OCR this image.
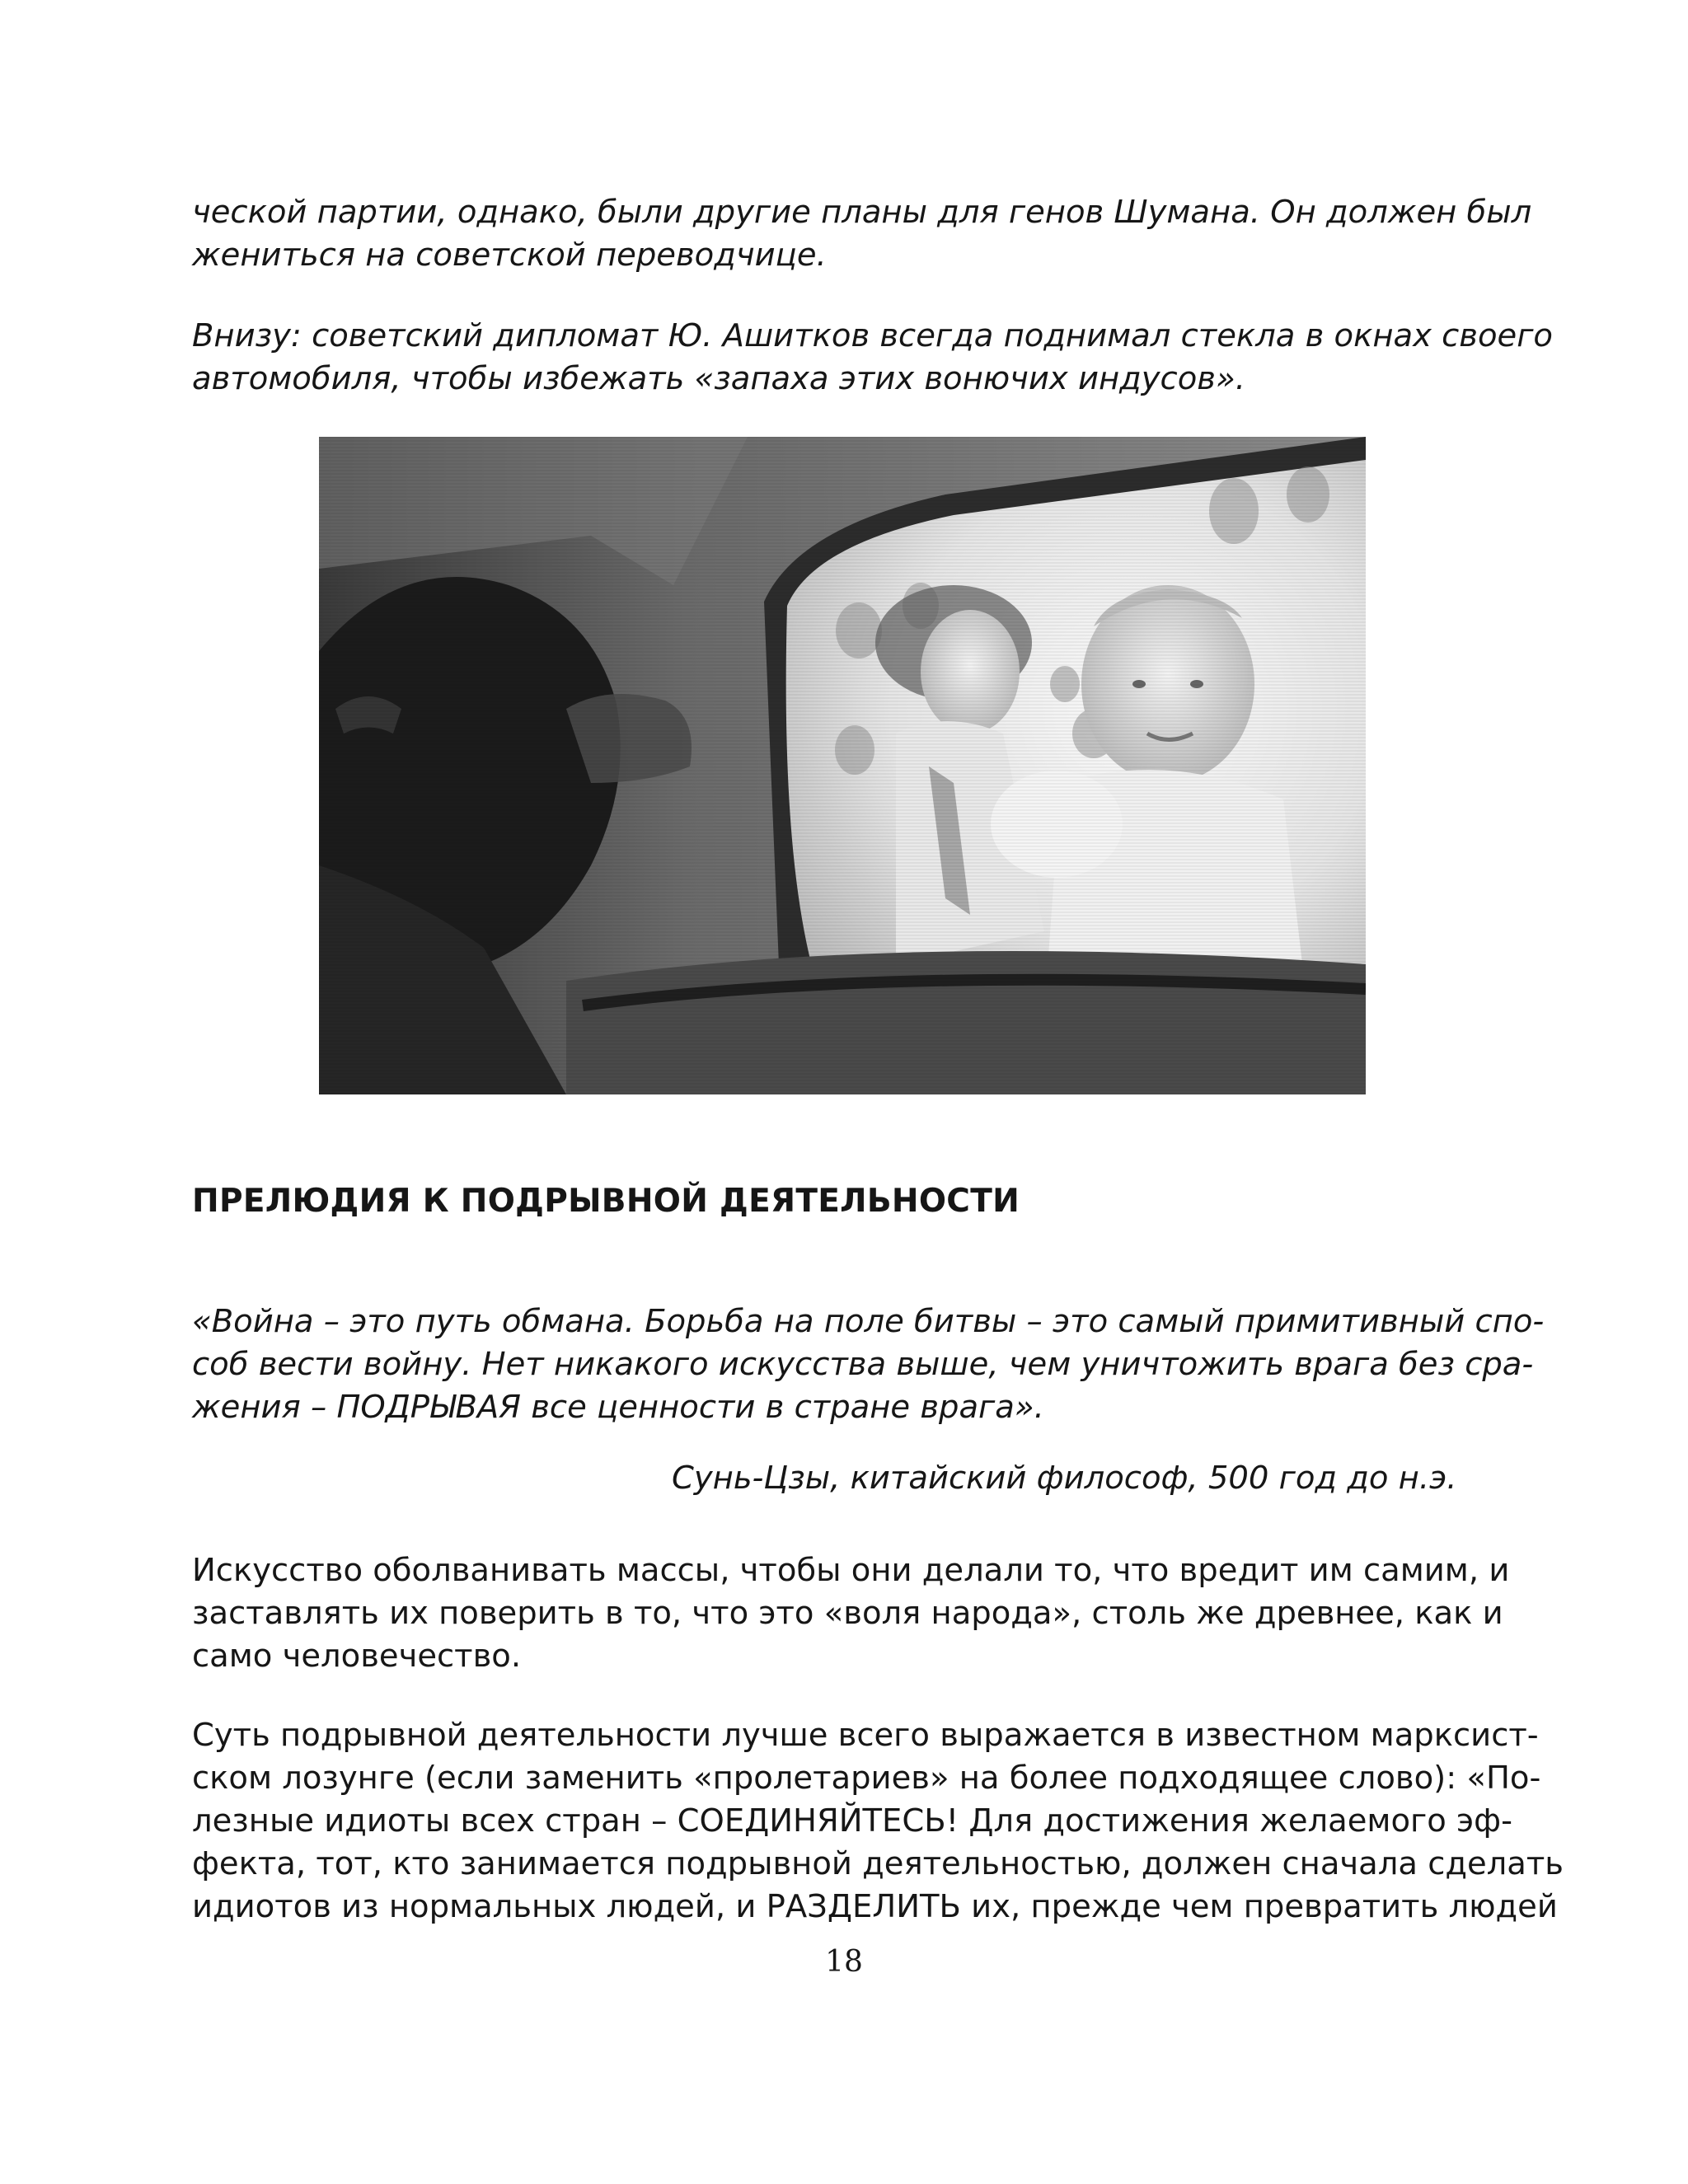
ческой партии, однако, были другие планы для генов Шумана. Он должен был
жениться на советской переводчице.
Внизу: советский дипломат Ю. Ашитков всегда поднимал стекла в окнах своего
автомобиля, чтобы избежать «запаха этих вонючих индусов».
ПРЕЛЮДИЯ К ПОДРЫВНОЙ ДЕЯТЕЛЬНОСТИ
«Война – это путь обмана. Борьба на поле битвы – это самый примитивный спо-
соб вести войну. Нет никакого искусства выше, чем уничтожить врага без сра-
жения – ПОДРЫВАЯ все ценности в стране врага».
Сунь-Цзы, китайский философ, 500 год до н.э.
Искусство оболванивать массы, чтобы они делали то, что вредит им самим, и
заставлять их поверить в то, что это «воля народа», столь же древнее, как и
само человечество.
Суть подрывной деятельности лучше всего выражается в известном марксист-
ском лозунге (если заменить «пролетариев» на более подходящее слово): «По-
лезные идиоты всех стран – СОЕДИНЯЙТЕСЬ! Для достижения желаемого эф-
фекта, тот, кто занимается подрывной деятельностью, должен сначала сделать
идиотов из нормальных людей, и РАЗДЕЛИТЬ их, прежде чем превратить людей
18
